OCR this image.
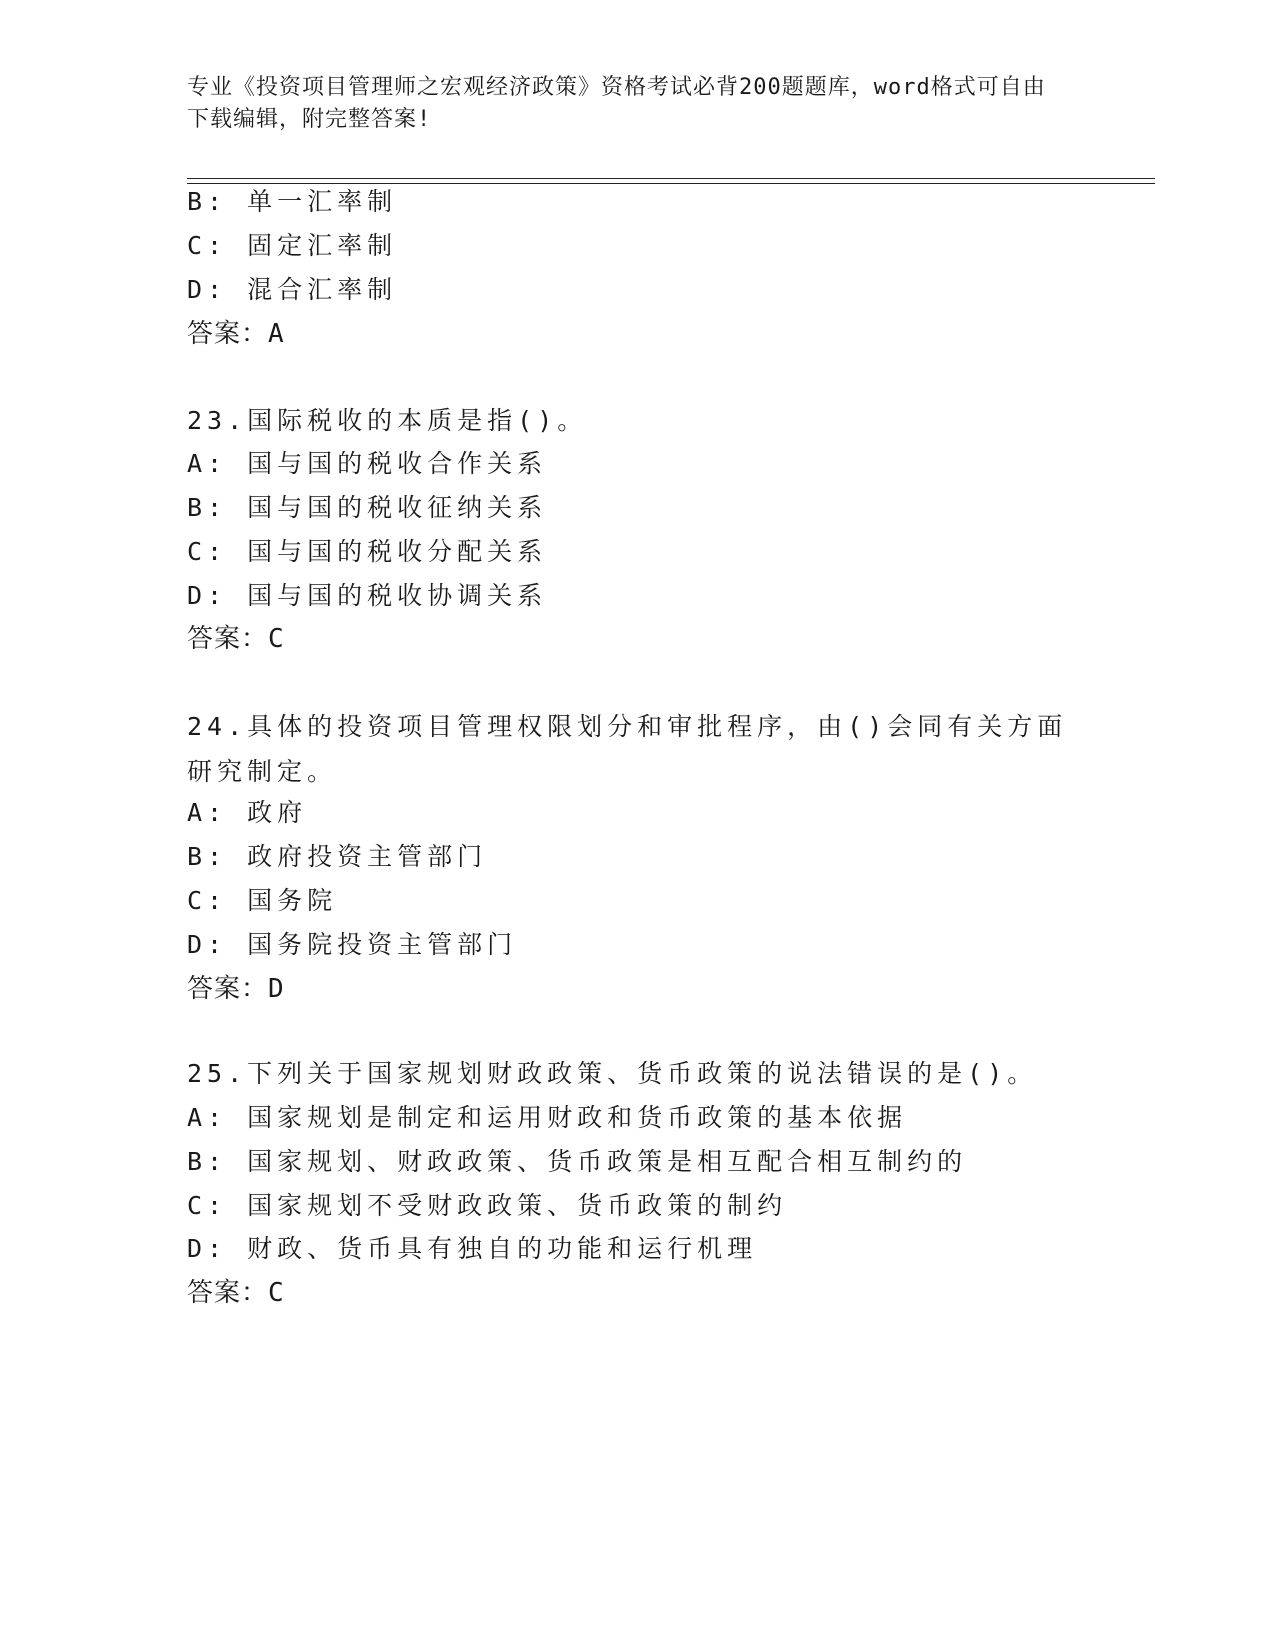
专业《投资项目管理师之宏观经济政策》资格考试必背200题题库，word格式可自由下载编辑，附完整答案!
B: 单一汇率制
C: 固定汇率制
D: 混合汇率制
答案：A
23.国际税收的本质是指()。
A: 国与国的税收合作关系
B: 国与国的税收征纳关系
C: 国与国的税收分配关系
D: 国与国的税收协调关系
答案：C
24.具体的投资项目管理权限划分和审批程序，由()会同有关方面研究制定。
A: 政府
B: 政府投资主管部门
C: 国务院
D: 国务院投资主管部门
答案：D
25.下列关于国家规划财政政策、货币政策的说法错误的是()。
A: 国家规划是制定和运用财政和货币政策的基本依据
B: 国家规划、财政政策、货币政策是相互配合相互制约的
C: 国家规划不受财政政策、货币政策的制约
D: 财政、货币具有独自的功能和运行机理
答案：C
